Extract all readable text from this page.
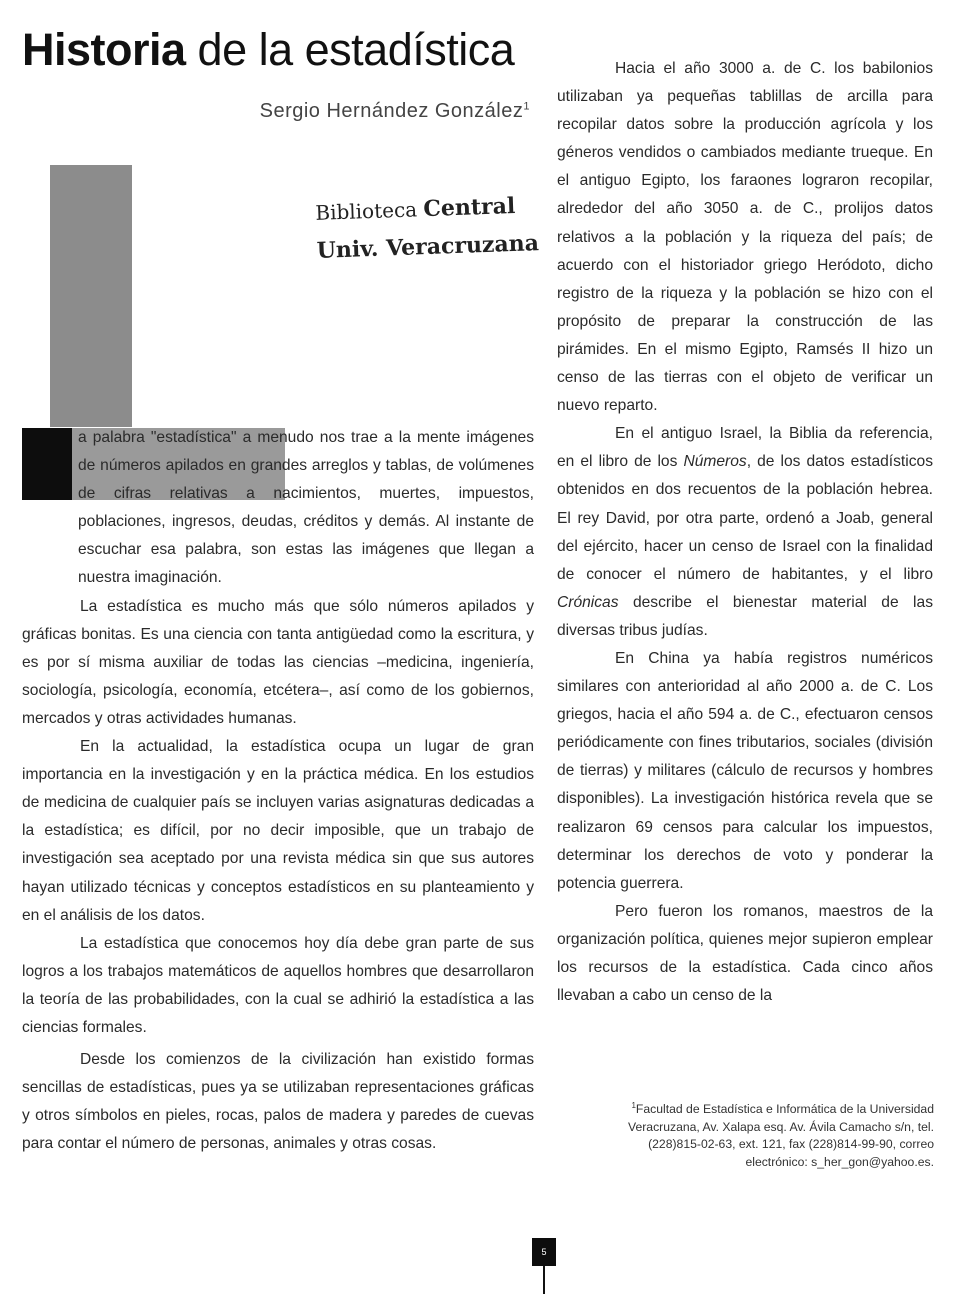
Historia de la estadística
Sergio Hernández González$^1$
Biblioteca Central
Univ. Veracruzana

a palabra "estadística" a menudo nos trae a la mente imágenes de números apilados en grandes arreglos y tablas, de volúmenes de cifras relativas a nacimientos, muertes, impuestos, poblaciones, ingresos, deudas, créditos y demás. Al instante de escuchar esa palabra, son estas las imágenes que llegan a nuestra imaginación.

La estadística es mucho más que sólo números apilados y gráficas bonitas. Es una ciencia con tanta antigüedad como la escritura, y es por sí misma auxiliar de todas las ciencias –medicina, ingeniería, sociología, psicología, economía, etcétera–, así como de los gobiernos, mercados y otras actividades humanas.

En la actualidad, la estadística ocupa un lugar de gran importancia en la investigación y en la práctica médica. En los estudios de medicina de cualquier país se incluyen varias asignaturas dedicadas a la estadística; es difícil, por no decir imposible, que un trabajo de investigación sea aceptado por una revista médica sin que sus autores hayan utilizado técnicas y conceptos estadísticos en su planteamiento y en el análisis de los datos.

La estadística que conocemos hoy día debe gran parte de sus logros a los trabajos matemáticos de aquellos hombres que desarrollaron la teoría de las probabilidades, con la cual se adhirió la estadística a las ciencias formales.

Desde los comienzos de la civilización han existido formas sencillas de estadísticas, pues ya se utilizaban representaciones gráficas y otros símbolos en pieles, rocas, palos de madera y paredes de cuevas para contar el número de personas, animales y otras cosas.

Hacia el año 3000 a. de C. los babilonios utilizaban ya pequeñas tablillas de arcilla para recopilar datos sobre la producción agrícola y los géneros vendidos o cambiados mediante trueque. En el antiguo Egipto, los faraones lograron recopilar, alrededor del año 3050 a. de C., prolijos datos relativos a la población y la riqueza del país; de acuerdo con el historiador griego Heródoto, dicho registro de la riqueza y la población se hizo con el propósito de preparar la construcción de las pirámides. En el mismo Egipto, Ramsés II hizo un censo de las tierras con el objeto de verificar un nuevo reparto.

En el antiguo Israel, la Biblia da referencia, en el libro de los Números, de los datos estadísticos obtenidos en dos recuentos de la población hebrea. El rey David, por otra parte, ordenó a Joab, general del ejército, hacer un censo de Israel con la finalidad de conocer el número de habitantes, y el libro Crónicas describe el bienestar material de las diversas tribus judías.

En China ya había registros numéricos similares con anterioridad al año 2000 a. de C. Los griegos, hacia el año 594 a. de C., efectuaron censos periódicamente con fines tributarios, sociales (división de tierras) y militares (cálculo de recursos y hombres disponibles). La investigación histórica revela que se realizaron 69 censos para calcular los impuestos, determinar los derechos de voto y ponderar la potencia guerrera.

Pero fueron los romanos, maestros de la organización política, quienes mejor supieron emplear los recursos de la estadística. Cada cinco años llevaban a cabo un censo de la

$^1$Facultad de Estadística e Informática de la Universidad Veracruzana, Av. Xalapa esq. Av. Ávila Camacho s/n, tel. (228)815-02-63, ext. 121, fax (228)814-99-90, correo electrónico: s_her_gon@yahoo.es.
5
